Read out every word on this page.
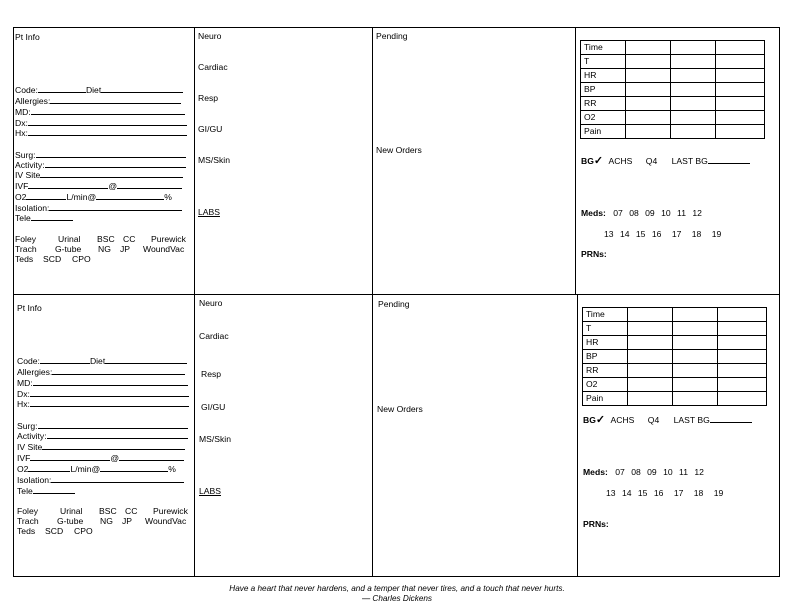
Pt Info
Code:	Diet
Allergies:
MD:
Dx:
Hx:
Surg:
Activity:
IV Site
IVF	@
O2	L/min@	%
Isolation:
Tele
Foley	Urinal BSC CC Purewick
Trach G-tube NG JP WoundVac
Teds SCD CPO
Neuro
Cardiac
Resp
GI/GU
MS/Skin
LABS
Pending
New Orders
Time			
T			
HR			
BP			
RR			
O2			
Pain			
BG✓ ACHS Q4 LAST BG
Meds: 07 08 09 10 11 12
13 14 15 16 17 18 19
PRNs:
Pt Info
Code:	Diet
Allergies:
MD:
Dx:
Hx:
Surg:
Activity:
IV Site
IVF	@
O2	L/min@	%
Isolation:
Tele
Foley	Urinal BSC CC Purewick
Trach G-tube NG JP WoundVac
Teds SCD CPO
Neuro
Cardiac
Resp
GI/GU
MS/Skin
LABS
Pending
New Orders
Time			
T			
HR			
BP			
RR			
O2			
Pain			
BG✓ ACHS Q4 LAST BG
Meds: 07 08 09 10 11 12
13 14 15 16 17 18 19
PRNs:
Have a heart that never hardens, and a temper that never tires, and a touch that never hurts.
— Charles Dickens
